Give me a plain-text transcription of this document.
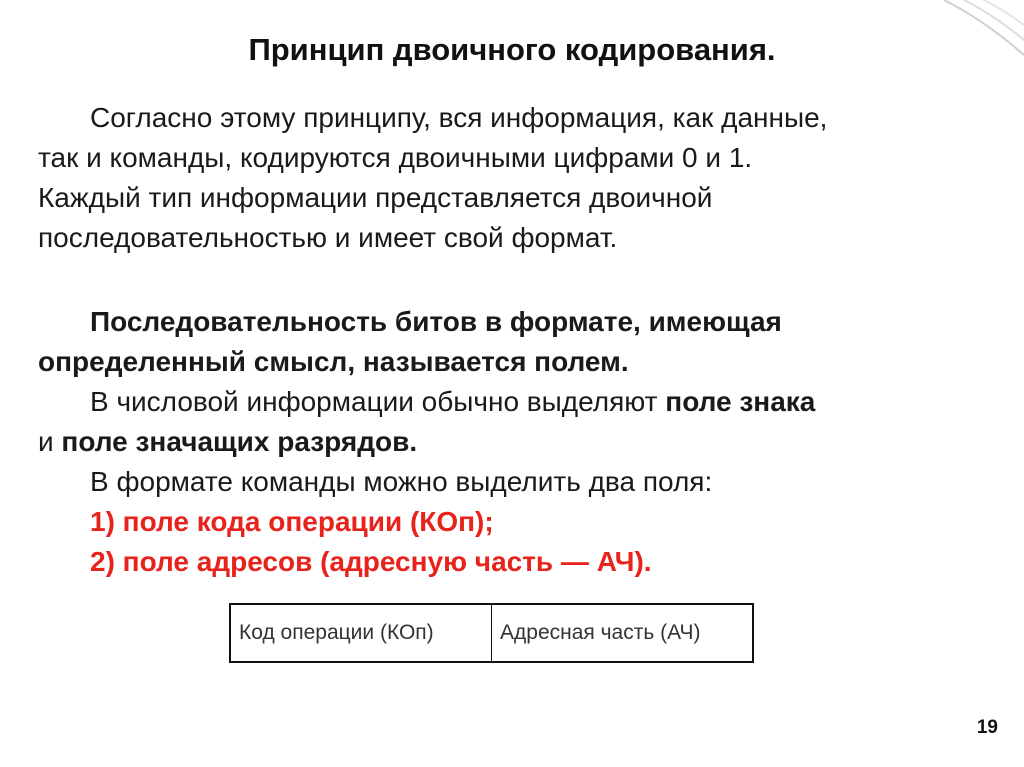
Принцип двоичного кодирования.
Согласно этому принципу, вся информация, как данные,
так и команды, кодируются двоичными цифрами 0 и 1.
Каждый тип информации представляется двоичной
последовательностью и имеет свой формат.
Последовательность битов в формате, имеющая
определенный смысл, называется полем.
В числовой информации обычно выделяют поле знака
и поле значащих разрядов.
В формате команды можно выделить два поля:
1) поле кода операции (КОп);
2) поле адресов (адресную часть — АЧ).
Код операции (КОп)	Адресная часть (АЧ)
19
